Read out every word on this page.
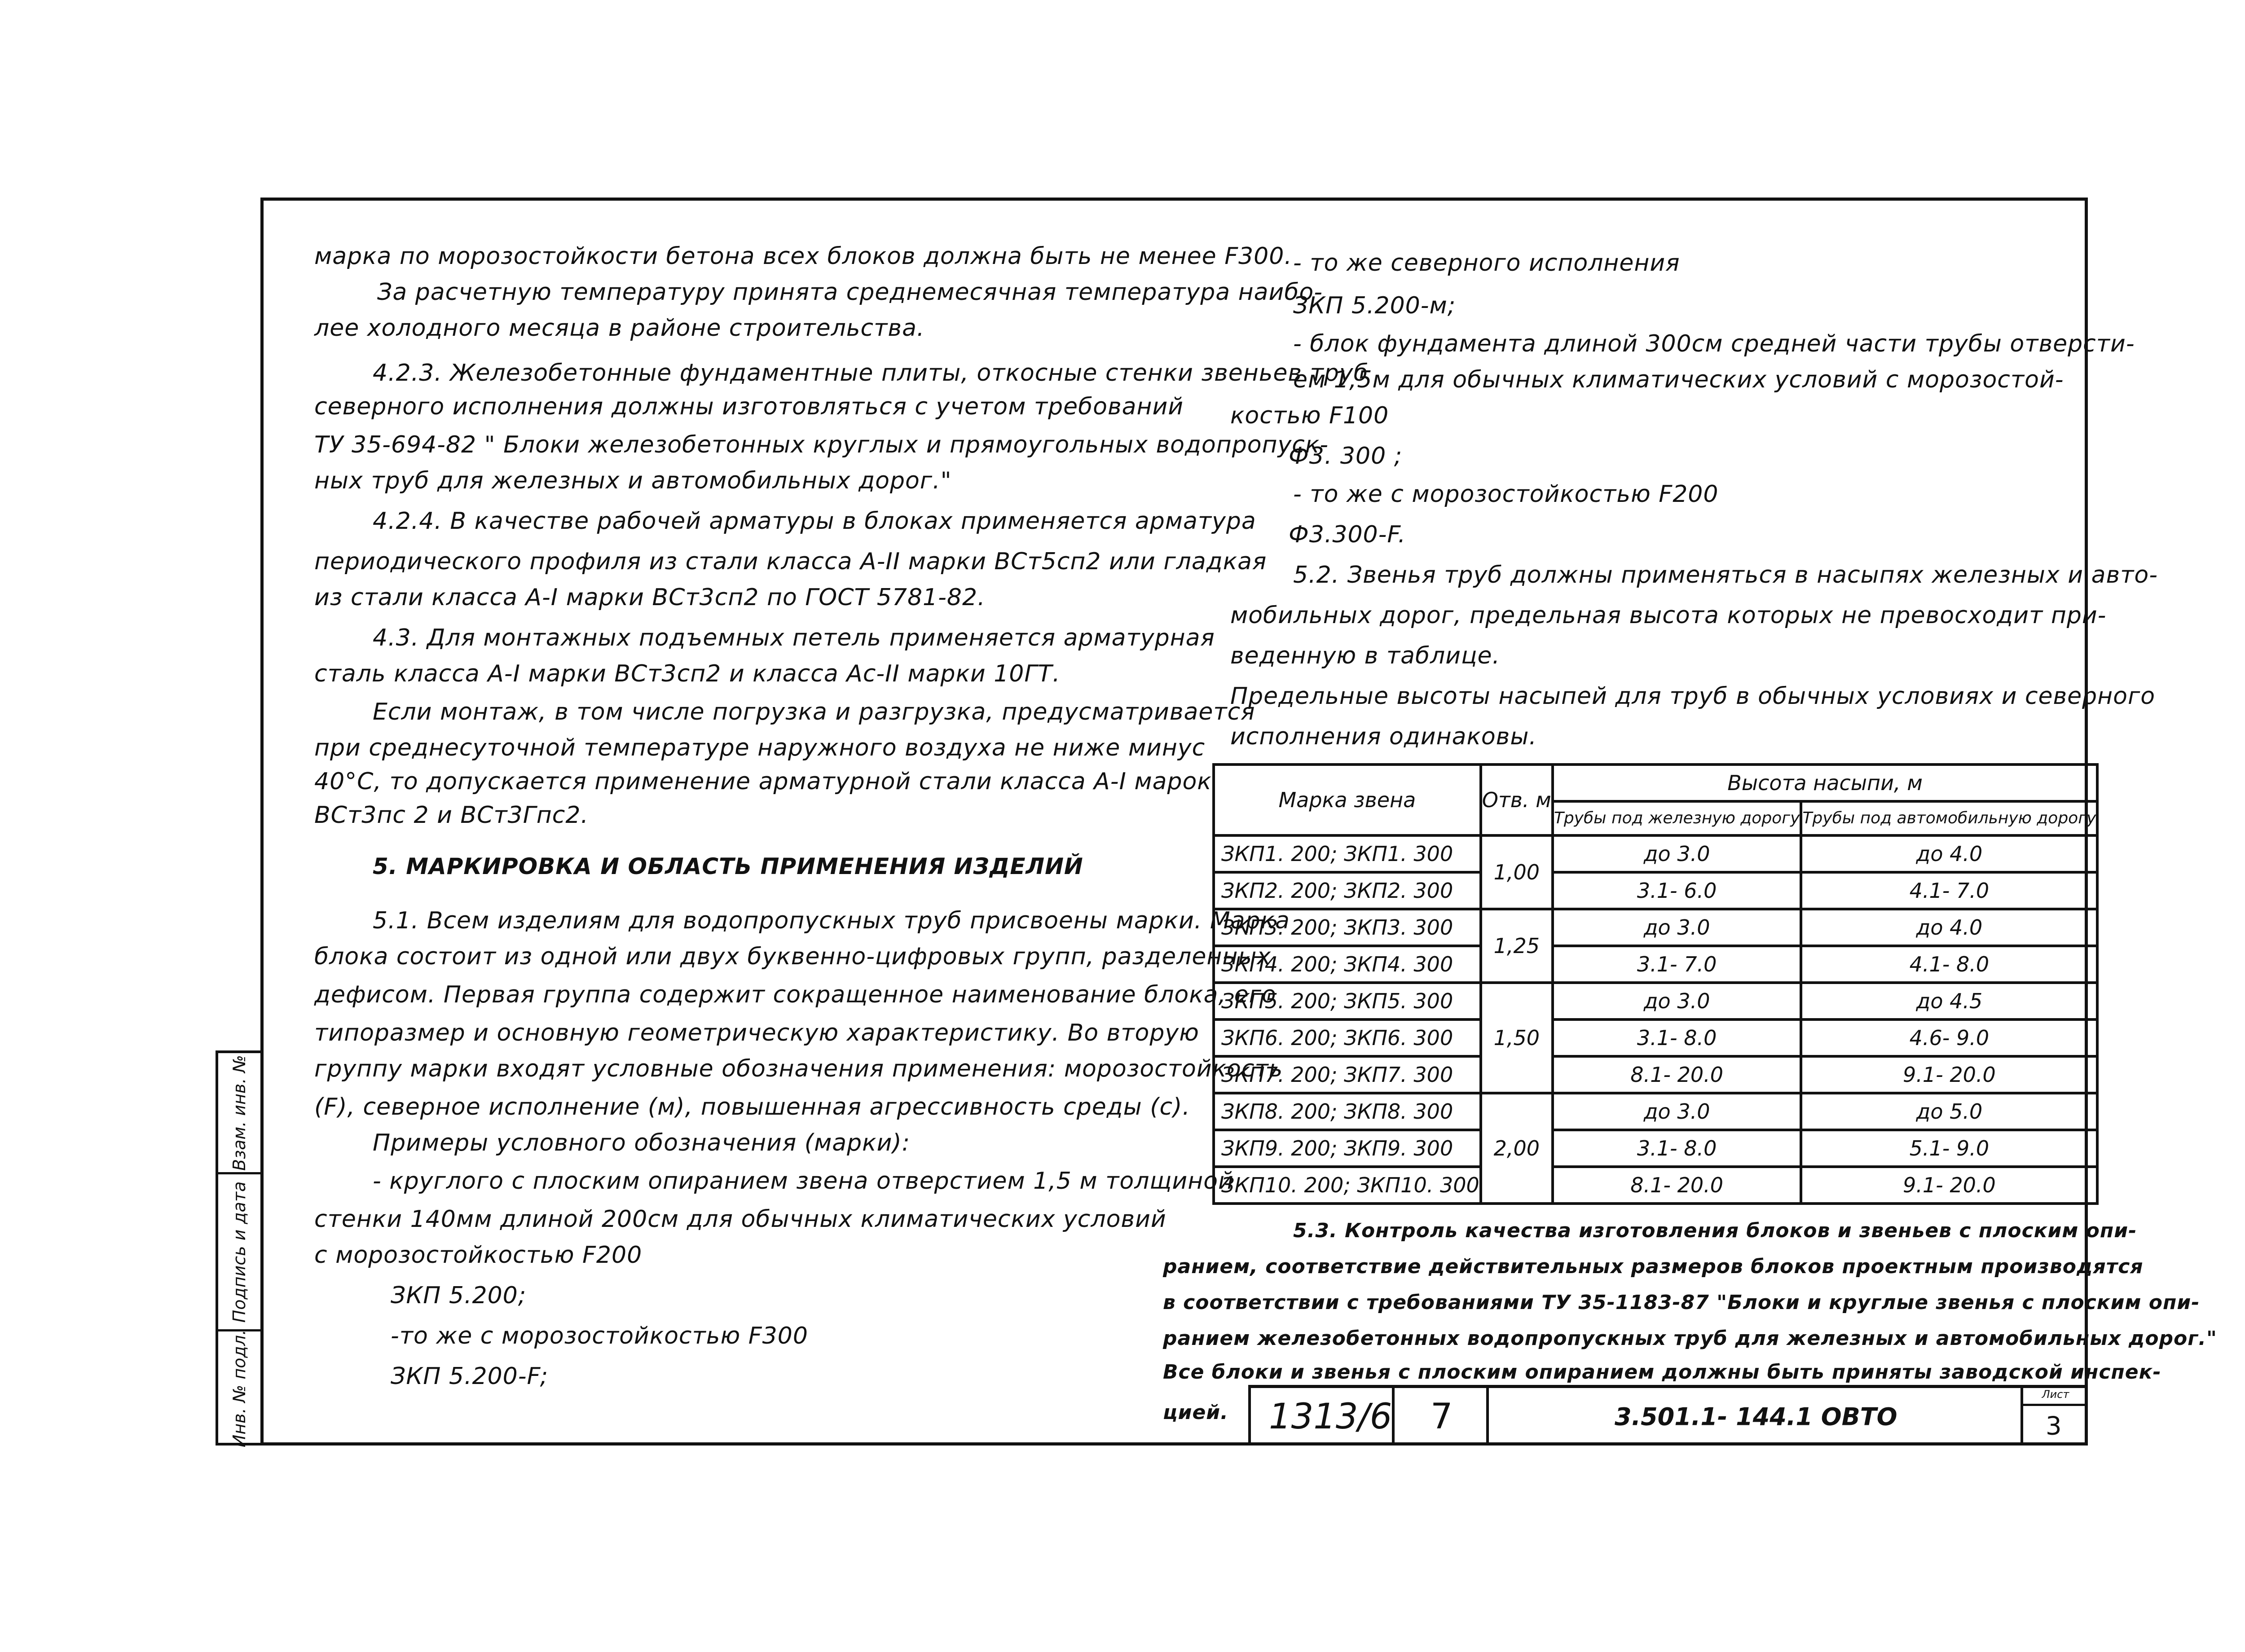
Взам. инв. №
Подпись и дата
Инв. № подл.
марка по морозостойкости бетона всех блоков должна быть не менее F300.
За расчетную температуру принята среднемесячная температура наибо-
лее холодного месяца в районе строительства.
4.2.3. Железобетонные фундаментные плиты, откосные стенки звеньев труб
северного исполнения должны изготовляться с учетом требований
ТУ 35-694-82 " Блоки железобетонных круглых и прямоугольных водопропуск-
ных труб для железных и автомобильных дорог."
4.2.4. В качестве рабочей арматуры в блоках применяется арматура
периодического профиля из стали класса А-II марки ВСт5сп2 или гладкая
из стали класса А-I марки ВСт3сп2 по ГОСТ 5781-82.
4.3. Для монтажных подъемных петель применяется арматурная
сталь класса А-I марки ВСт3сп2 и класса Ас-II марки 10ГТ.
Если монтаж, в том числе погрузка и разгрузка, предусматривается
при среднесуточной температуре наружного воздуха не ниже минус
40°С, то допускается применение арматурной стали класса А-I марок
ВСт3пс 2 и ВСт3Гпс2.
5. МАРКИРОВКА И ОБЛАСТЬ ПРИМЕНЕНИЯ ИЗДЕЛИЙ
5.1. Всем изделиям для водопропускных труб присвоены марки. Марка
блока состоит из одной или двух буквенно-цифровых групп, разделенных
дефисом. Первая группа содержит сокращенное наименование блока, его
типоразмер и основную геометрическую характеристику. Во вторую
группу марки входят условные обозначения применения: морозостойкость
(F), северное исполнение (м), повышенная агрессивность среды (с).
Примеры условного обозначения (марки):
- круглого с плоским опиранием звена отверстием 1,5 м толщиной
стенки 140мм длиной 200см для обычных климатических условий
с морозостойкостью F200
ЗКП 5.200;
-то же с морозостойкостью F300
ЗКП 5.200-F;
- то же северного исполнения
ЗКП 5.200-м;
- блок фундамента длиной 300см средней части трубы отверсти-
ем 1,5м для обычных климатических условий с морозостой-
костью F100
Ф3. 300 ;
- то же с морозостойкостью F200
Ф3.300-F.
5.2. Звенья труб должны применяться в насыпях железных и авто-
мобильных дорог, предельная высота которых не превосходит при-
веденную в таблице.
Предельные высоты насыпей для труб в обычных условиях и северного
исполнения одинаковы.
Марка звена	Отв. м	Высота насыпи, м	
		Трубы под железную дорогу	Трубы под автомобильную дорогу
ЗКП1. 200; ЗКП1. 300	1,00	до 3.0	до 4.0
ЗКП2. 200; ЗКП2. 300		3.1- 6.0	4.1- 7.0
ЗКП3. 200; ЗКП3. 300	1,25	до 3.0	до 4.0
ЗКП4. 200; ЗКП4. 300		3.1- 7.0	4.1- 8.0
ЗКП5. 200; ЗКП5. 300	1,50	до 3.0	до 4.5
ЗКП6. 200; ЗКП6. 300		3.1- 8.0	4.6- 9.0
ЗКП7. 200; ЗКП7. 300		8.1- 20.0	9.1- 20.0
ЗКП8. 200; ЗКП8. 300	2,00	до 3.0	до 5.0
ЗКП9. 200; ЗКП9. 300		3.1- 8.0	5.1- 9.0
ЗКП10. 200; ЗКП10. 300		8.1- 20.0	9.1- 20.0
5.3. Контроль качества изготовления блоков и звеньев с плоским опи-
ранием, соответствие действительных размеров блоков проектным производятся
в соответствии с требованиями ТУ 35-1183-87 "Блоки и круглые звенья с плоским опи-
ранием железобетонных водопропускных труб для железных и автомобильных дорог."
Все блоки и звенья с плоским опиранием должны быть приняты заводской инспек-
цией. 1313/6 7	3.501.1- 144.1 ОВТО
Лист
3
